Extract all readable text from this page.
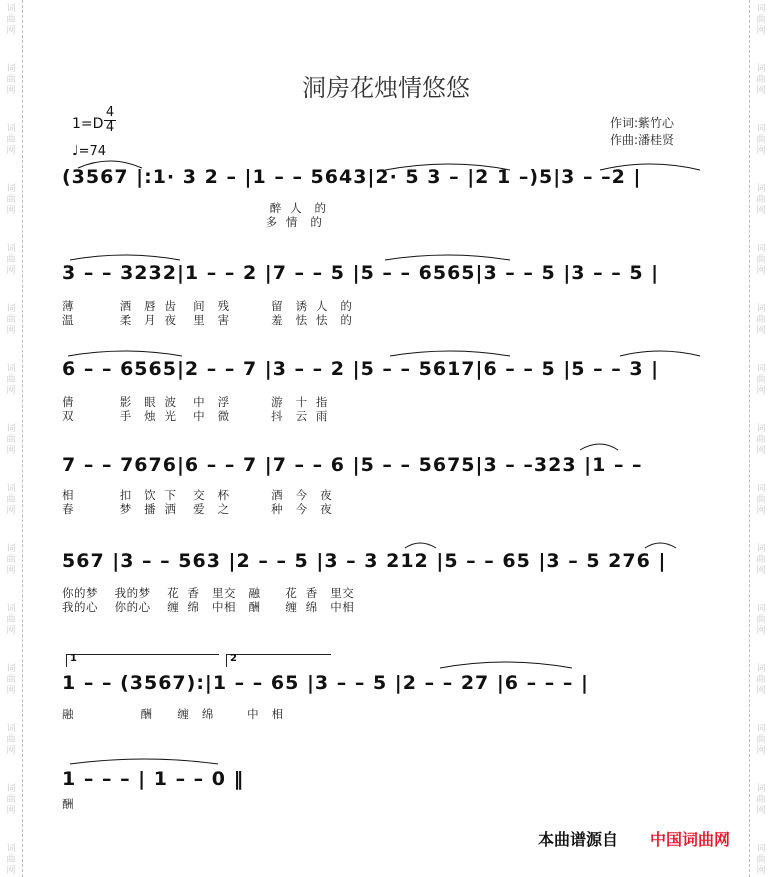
词
曲
网
词
曲
网
词
曲
网
词
曲
网
词
曲
网
词
曲
网
词
曲
网
词
曲
网
词
曲
网
词
曲
网
词
曲
网
词
曲
网
词
曲
网
词
曲
网
词
曲
网
词
曲
网
词
曲
网
词
曲
网
词
曲
网
词
曲
网
词
曲
网
词
曲
网
词
曲
网
词
曲
网
词
曲
网
词
曲
网
词
曲
网
词
曲
网
词
曲
网
词
曲
网
洞房花烛情悠悠
1=D
4
4
♩=74
作词:紫竹心
作曲:潘桂贤
(3567 |:1· 3 2 – |1 – – 5643|2· 5 3 – |2 1 –)5|3 – –2 |
醉  人   的
多  情   的
3 – – 3232|1 – – 2 |7 – – 5 |5 – – 6565|3 – – 5 |3 – – 5 |
薄           酒   唇  齿    间   残          留   诱  人   的
温           柔   月  夜    里   害          羞   怯  怯   的
6 – – 6565|2 – – 7 |3 – – 2 |5 – – 5617|6 – – 5 |5 – – 3 |
倩           影   眼  波    中   浮          游   十  指
双           手   烛  光    中   微          抖   云  雨
7 – – 7676|6 – – 7 |7 – – 6 |5 – – 5675|3 – –323 |1 – –
相           扣   饮  下    交   杯          酒   今   夜
春           梦   播  洒    爱   之          种   今   夜
567 |3 – – 563 |2 – – 5 |3 – 3 212 |5 – – 65 |3 – 5 276 |
你的梦    我的梦    花  香   里交   融      花  香   里交
我的心    你的心    缠  绵   中相   酬      缠  绵   中相
1	2
1 – – (3567):|1 – – 65 |3 – – 5 |2 – – 27 |6 – – – |
融                酬      缠   绵        中   相
1 – – – | 1 – – 0 ‖
酬
本曲谱源自 中国词曲网
